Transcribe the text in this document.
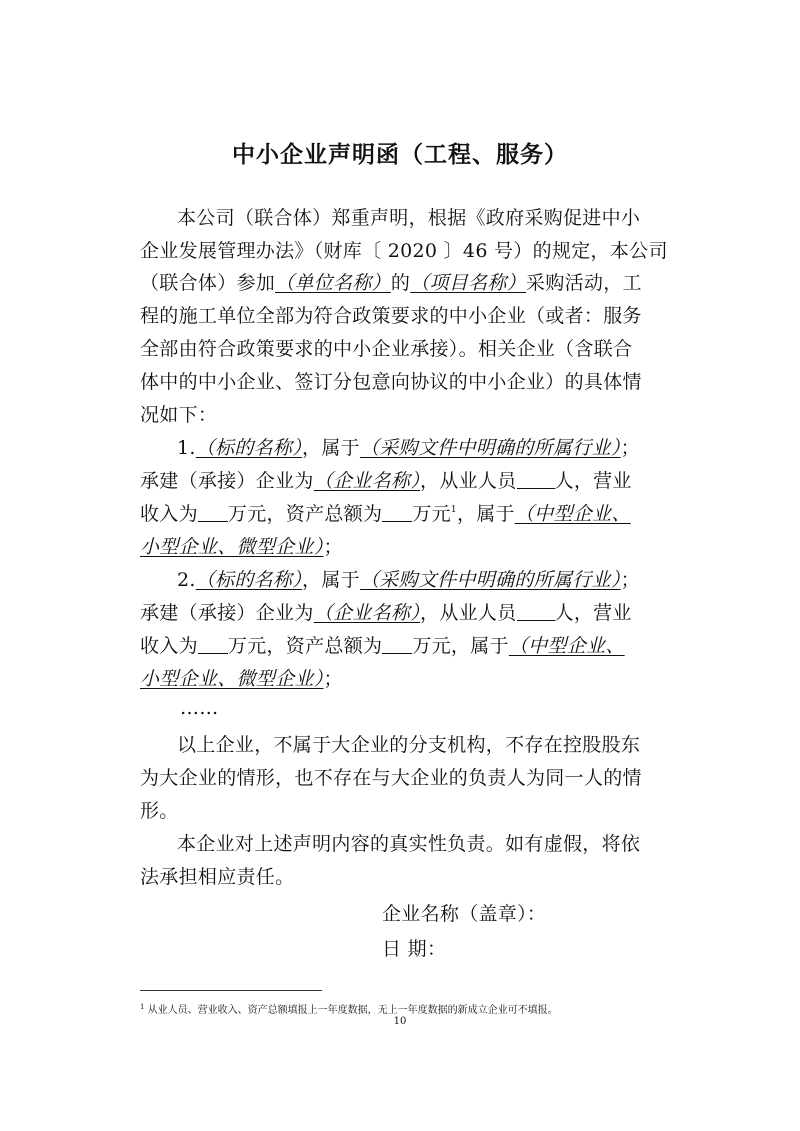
中小企业声明函（工程、服务）
本公司（联合体）郑重声明，根据《政府采购促进中小
企业发展管理办法》（财库〔 2020 〕46 号）的规定，本公司
（联合体）参加（单位名称）的（项目名称）采购活动，工
程的施工单位全部为符合政策要求的中小企业（或者：服务
全部由符合政策要求的中小企业承接）。相关企业（含联合
体中的中小企业、签订分包意向协议的中小企业）的具体情
况如下：
1.（标的名称），属于（采购文件中明确的所属行业）；
承建（承接）企业为（企业名称），从业人员 人，营业
收入为 万元，资产总额为 万元$^1$，属于（中型企业、
小型企业、微型企业）；
2.（标的名称），属于（采购文件中明确的所属行业）；
承建（承接）企业为（企业名称），从业人员 人，营业
收入为 万元，资产总额为 万元，属于（中型企业、
小型企业、微型企业）；
……
以上企业，不属于大企业的分支机构，不存在控股股东
为大企业的情形，也不存在与大企业的负责人为同一人的情
形。
本企业对上述声明内容的真实性负责。如有虚假，将依
法承担相应责任。
企业名称（盖章）：
日 期：
$^1$ 从业人员、营业收入、资产总额填报上一年度数据，无上一年度数据的新成立企业可不填报。
10
